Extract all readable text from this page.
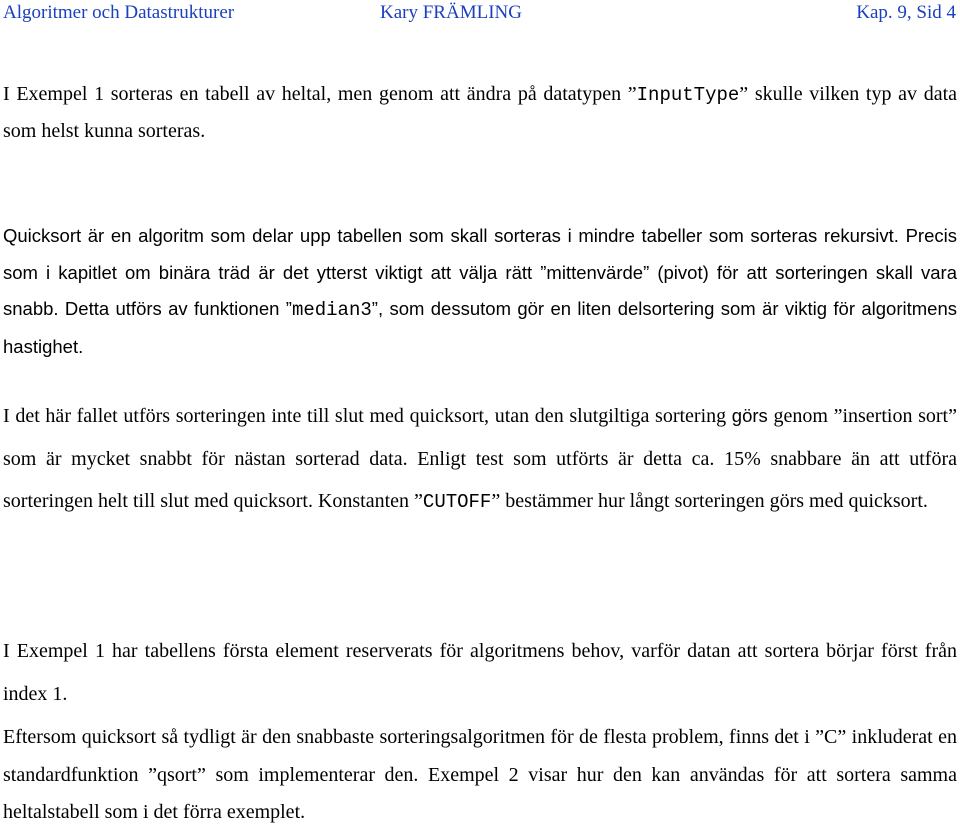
Algoritmer och Datastrukturer	Kary FRÄMLING	Kap. 9, Sid 4

I Exempel 1 sorteras en tabell av heltal, men genom att ändra på datatypen ”InputType” skulle vilken typ av data som helst kunna sorteras.

Quicksort är en algoritm som delar upp tabellen som skall sorteras i mindre tabeller som sorteras rekursivt. Precis som i kapitlet om binära träd är det ytterst viktigt att välja rätt ”mittenvärde” (pivot) för att sorteringen skall vara snabb. Detta utförs av funktionen ”median3”, som dessutom gör en liten delsortering som är viktig för algoritmens hastighet.

I det här fallet utförs sorteringen inte till slut med quicksort, utan den slutgiltiga sortering görs genom ”insertion sort” som är mycket snabbt för nästan sorterad data. Enligt test som utförts är detta ca. 15% snabbare än att utföra sorteringen helt till slut med quicksort. Konstanten ”CUTOFF” bestämmer hur långt sorteringen görs med quicksort.

I Exempel 1 har tabellens första element reserverats för algoritmens behov, varför datan att sortera börjar först från index 1.

Eftersom quicksort så tydligt är den snabbaste sorteringsalgoritmen för de flesta problem, finns det i ”C” inkluderat en standardfunktion ”qsort” som implementerar den. Exempel 2 visar hur den kan användas för att sortera samma heltalstabell som i det förra exemplet.
